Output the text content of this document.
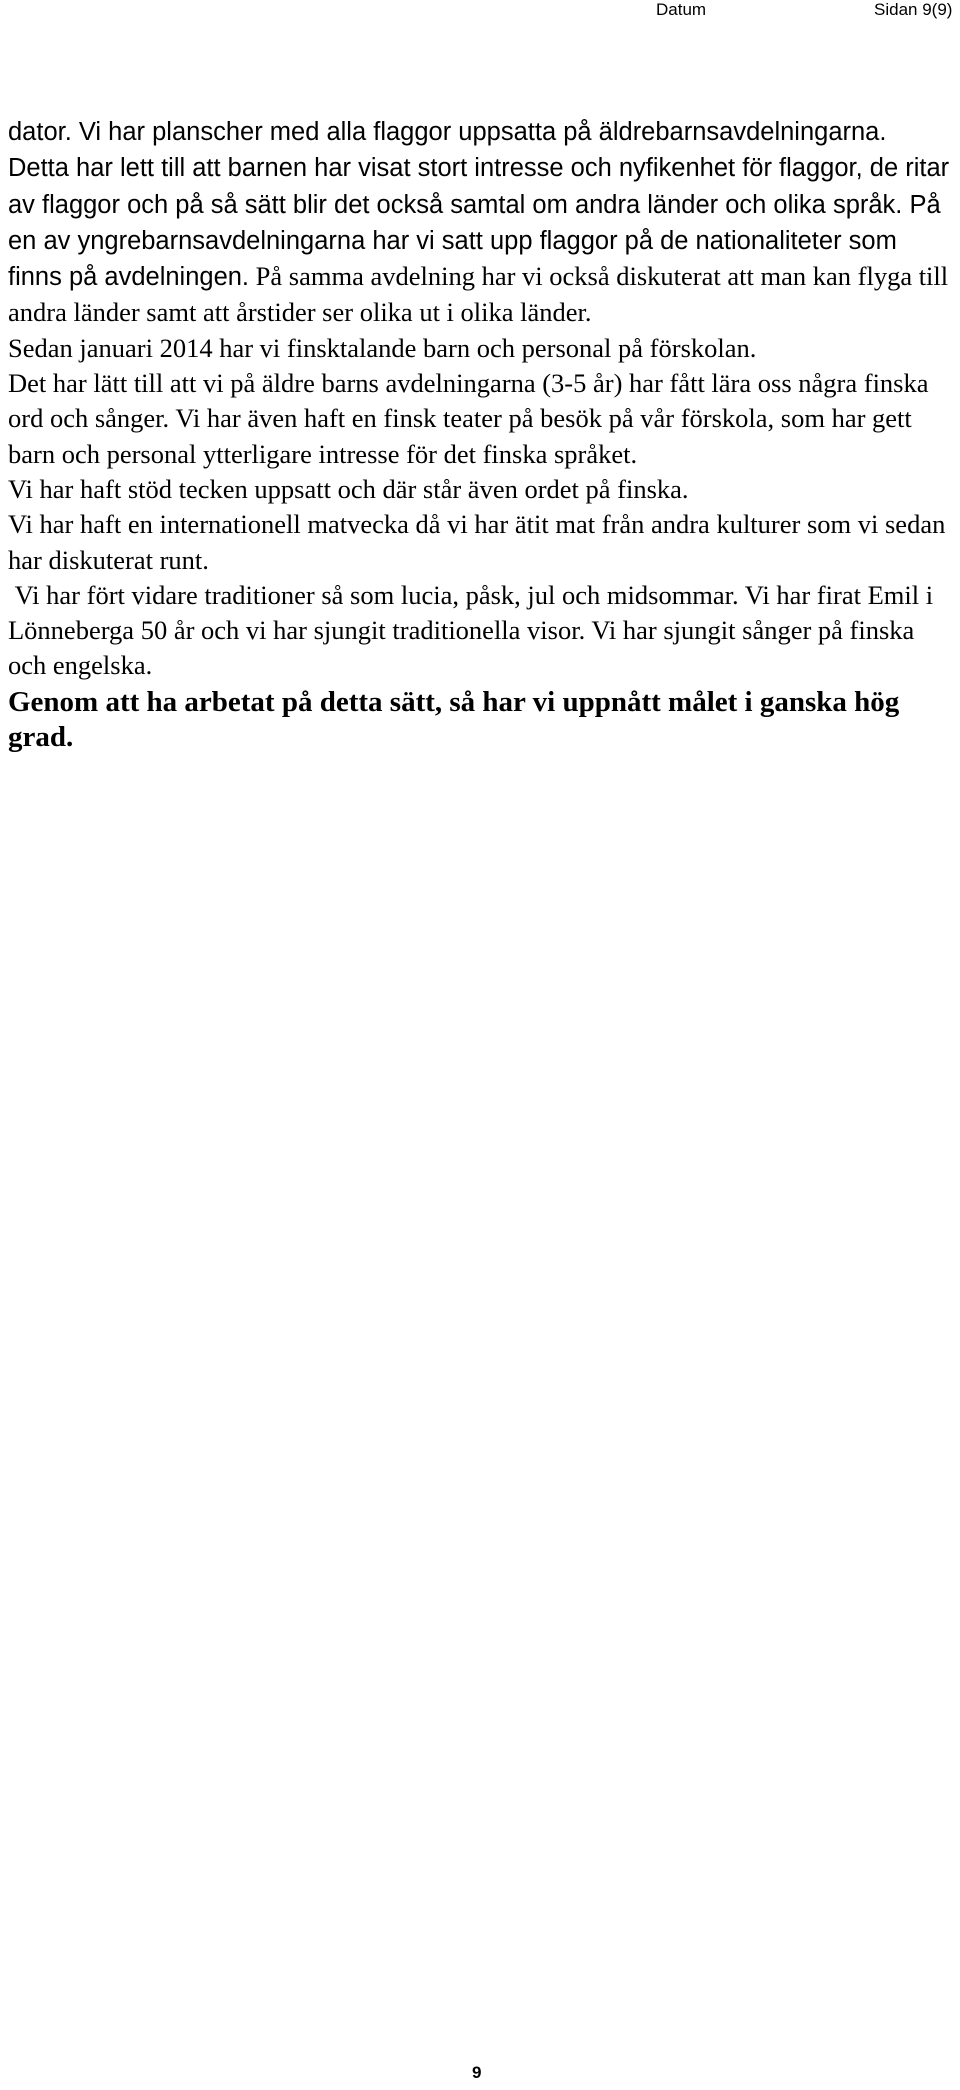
Datum	Sidan 9(9)

dator. Vi har planscher med alla flaggor uppsatta på äldrebarnsavdelningarna. Detta har lett till att barnen har visat stort intresse och nyfikenhet för flaggor, de ritar av flaggor och på så sätt blir det också samtal om andra länder och olika språk. På en av yngrebarnsavdelningarna har vi satt upp flaggor på de nationaliteter som finns på avdelningen. På samma avdelning har vi också diskuterat att man kan flyga till andra länder samt att årstider ser olika ut i olika länder.

Sedan januari 2014 har vi finsktalande barn och personal på förskolan.

Det har lätt till att vi på äldre barns avdelningarna (3-5 år) har fått lära oss några finska ord och sånger. Vi har även haft en finsk teater på besök på vår förskola, som har gett barn och personal ytterligare intresse för det finska språket.

Vi har haft stöd tecken uppsatt och där står även ordet på finska.

Vi har haft en internationell matvecka då vi har ätit mat från andra kulturer som vi sedan har diskuterat runt.

Vi har fört vidare traditioner så som lucia, påsk, jul och midsommar. Vi har firat Emil i Lönneberga 50 år och vi har sjungit traditionella visor. Vi har sjungit sånger på finska och engelska.

Genom att ha arbetat på detta sätt, så har vi uppnått målet i ganska hög grad.

9
